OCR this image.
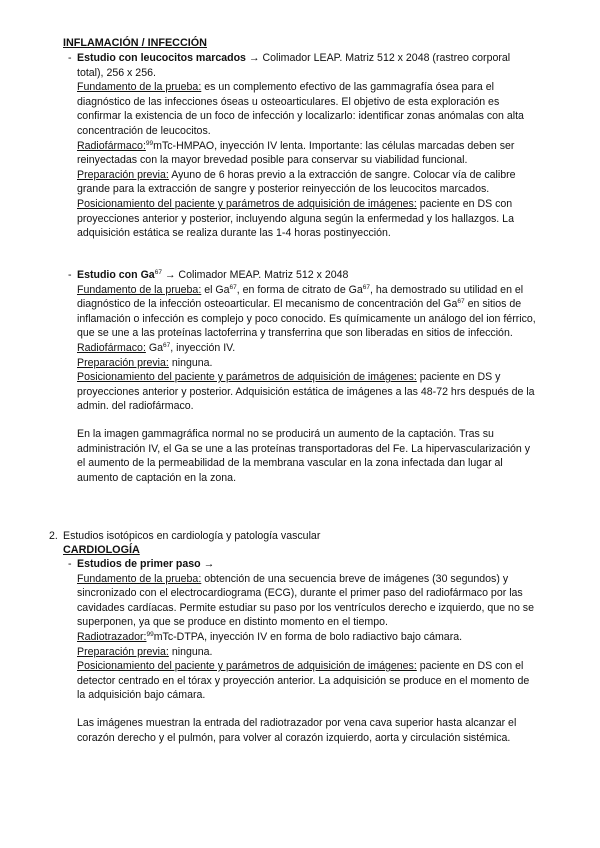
INFLAMACIÓN / INFECCIÓN
- Estudio con leucocitos marcados → Colimador LEAP. Matriz 512 x 2048 (rastreo corporal total), 256 x 256.

Fundamento de la prueba: es un complemento efectivo de las gammagrafía ósea para el diagnóstico de las infecciones óseas u osteoarticulares. El objetivo de esta exploración es confirmar la existencia de un foco de infección y localizarlo: identificar zonas anómalas con alta concentración de leucocitos.

Radiofármaco:$^{99}$mTc-HMPAO, inyección IV lenta. Importante: las células marcadas deben ser reinyectadas con la mayor brevedad posible para conservar su viabilidad funcional.

Preparación previa: Ayuno de 6 horas previo a la extracción de sangre. Colocar vía de calibre grande para la extracción de sangre y posterior reinyección de los leucocitos marcados.

Posicionamiento del paciente y parámetros de adquisición de imágenes: paciente en DS con proyecciones anterior y posterior, incluyendo alguna según la enfermedad y los hallazgos. La adquisición estática se realiza durante las 1-4 horas postinyección.

- Estudio con $Ga^{67}$ → Colimador MEAP. Matriz 512 x 2048

Fundamento de la prueba: el Ga$^{67}$, en forma de citrato de Ga$^{67}$, ha demostrado su utilidad en el diagnóstico de la infección osteoarticular. El mecanismo de concentración del Ga$^{67}$ en sitios de inflamación o infección es complejo y poco conocido. Es químicamente un análogo del ion férrico, que se une a las proteínas lactoferrina y transferrina que son liberadas en sitios de infección.

Radiofármaco: Ga$^{67}$, inyección IV.

Preparación previa: ninguna.

Posicionamiento del paciente y parámetros de adquisición de imágenes: paciente en DS y proyecciones anterior y posterior. Adquisición estática de imágenes a las 48-72 hrs después de la admin. del radiofármaco.

En la imagen gammagráfica normal no se producirá un aumento de la captación. Tras su administración IV, el Ga se une a las proteínas transportadoras del Fe. La hipervascularización y el aumento de la permeabilidad de la membrana vascular en la zona infectada dan lugar al aumento de captación en la zona.

2. Estudios isotópicos en cardiología y patología vascular
CARDIOLOGÍA
- Estudios de primer paso →

Fundamento de la prueba: obtención de una secuencia breve de imágenes (30 segundos) y sincronizado con el electrocardiograma (ECG), durante el primer paso del radiofármaco por las cavidades cardíacas. Permite estudiar su paso por los ventrículos derecho e izquierdo, que no se superponen, ya que se produce en distinto momento en el tiempo.

Radiotrazador:$^{99}$mTc-DTPA, inyección IV en forma de bolo radiactivo bajo cámara.

Preparación previa: ninguna.

Posicionamiento del paciente y parámetros de adquisición de imágenes: paciente en DS con el detector centrado en el tórax y proyección anterior. La adquisición se produce en el momento de la adquisición bajo cámara.

Las imágenes muestran la entrada del radiotrazador por vena cava superior hasta alcanzar el corazón derecho y el pulmón, para volver al corazón izquierdo, aorta y circulación sistémica.
